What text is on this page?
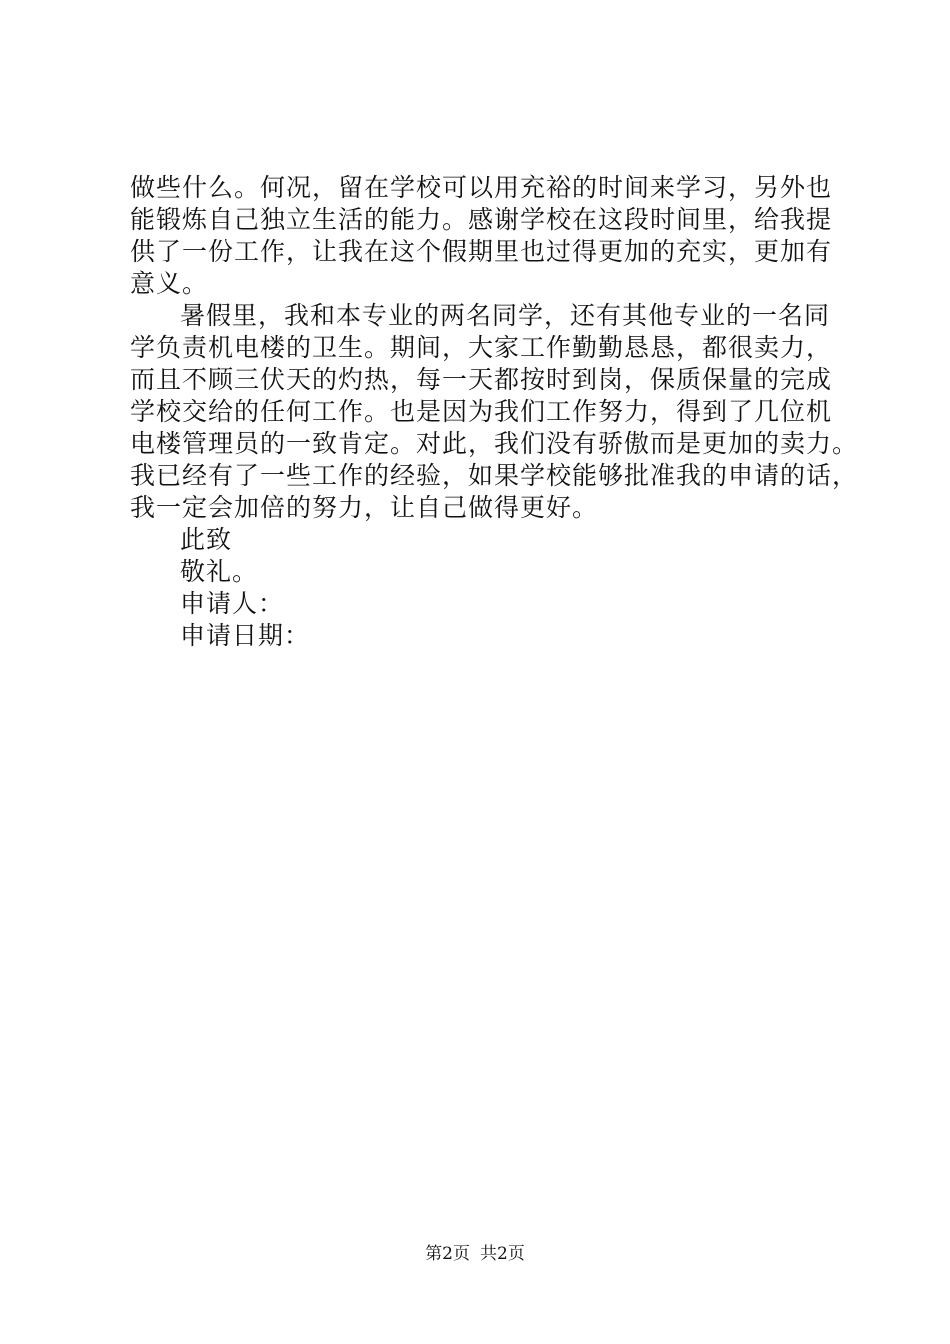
做些什么。何况，留在学校可以用充裕的时间来学习，另外也
能锻炼自己独立生活的能力。感谢学校在这段时间里，给我提
供了一份工作，让我在这个假期里也过得更加的充实，更加有
意义。
暑假里，我和本专业的两名同学，还有其他专业的一名同
学负责机电楼的卫生。期间，大家工作勤勤恳恳，都很卖力，
而且不顾三伏天的灼热，每一天都按时到岗，保质保量的完成
学校交给的任何工作。也是因为我们工作努力，得到了几位机
电楼管理员的一致肯定。对此，我们没有骄傲而是更加的卖力。
我已经有了一些工作的经验，如果学校能够批准我的申请的话，
我一定会加倍的努力，让自己做得更好。
此致
敬礼。
申请人：
申请日期：
第2页 共2页
